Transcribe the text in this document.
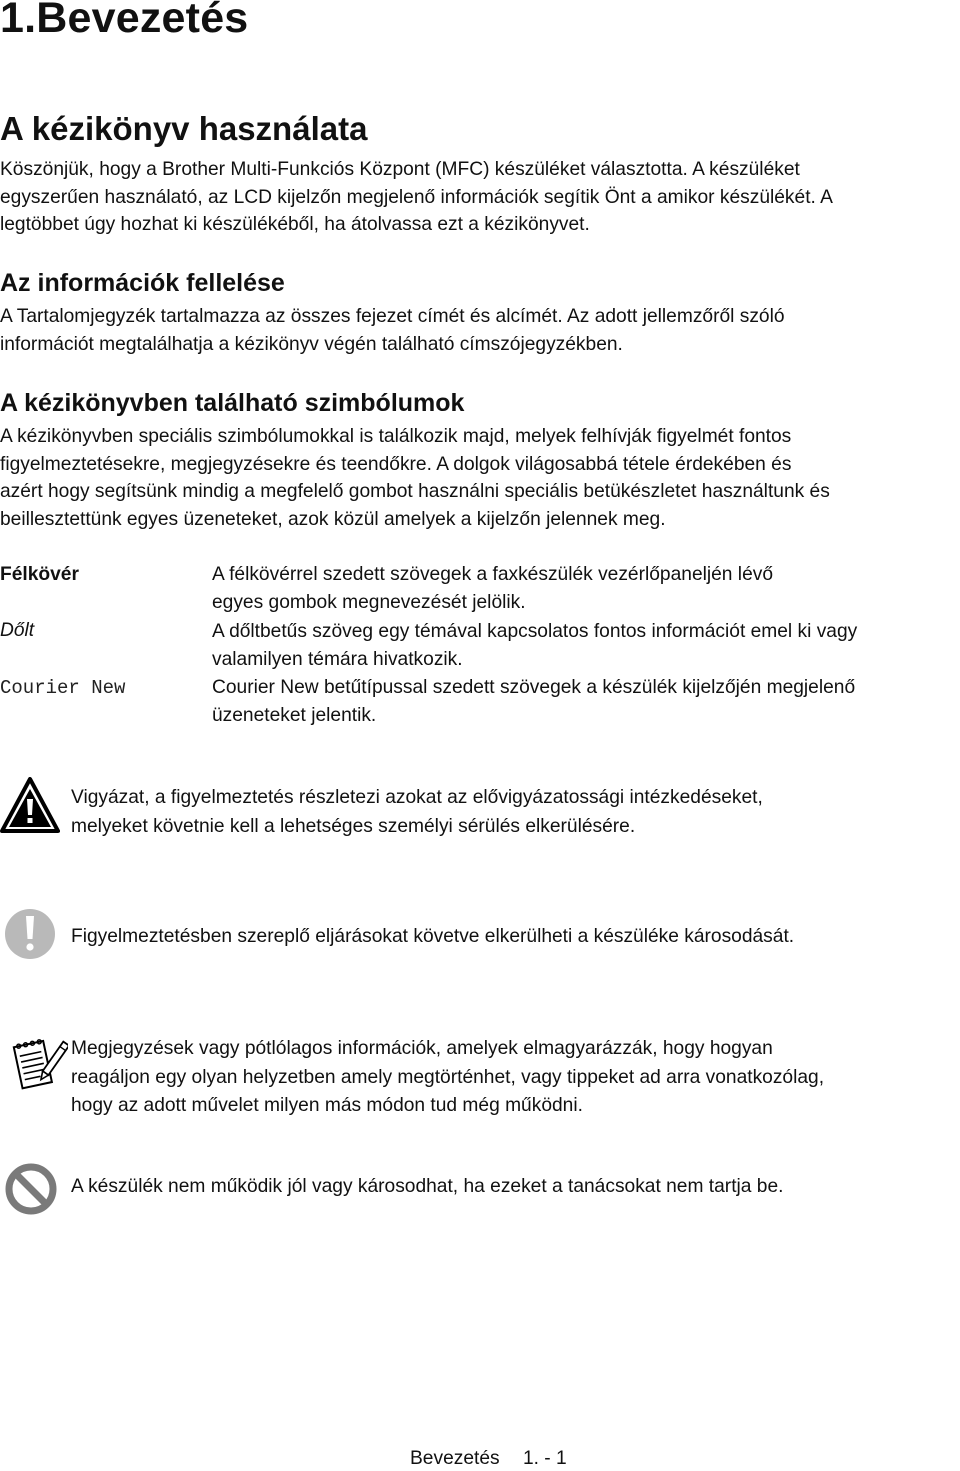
1.Bevezetés
A kézikönyv használata
Köszönjük, hogy a Brother Multi-Funkciós Központ (MFC) készüléket választotta. A készüléket
egyszerűen használató, az LCD kijelzőn megjelenő információk segítik Önt a amikor készülékét. A
legtöbbet úgy hozhat ki készülékéből, ha átolvassa ezt a kézikönyvet.
Az információk fellelése
A Tartalomjegyzék tartalmazza az összes fejezet címét és alcímét. Az adott jellemzőről szóló
információt megtalálhatja a kézikönyv végén található címszójegyzékben.
A kézikönyvben található szimbólumok
A kézikönyvben speciális szimbólumokkal is találkozik majd, melyek felhívják figyelmét fontos
figyelmeztetésekre, megjegyzésekre és teendőkre. A dolgok világosabbá tétele érdekében és
azért hogy segítsünk mindig a megfelelő gombot használni speciális betükészletet használtunk és
beillesztettünk egyes üzeneteket, azok közül amelyek a kijelzőn jelennek meg.

Félkövér	A félkövérrel szedett szövegek a faxkészülék vezérlőpaneljén lévő
egyes gombok megnevezését jelölik.

Dőlt	A dőltbetűs szöveg egy témával kapcsolatos fontos információt emel ki vagy
valamilyen témára hivatkozik.

Courier New	Courier New betűtípussal szedett szövegek a készülék kijelzőjén megjelenő
üzeneteket jelentik.
Vigyázat, a figyelmeztetés részletezi azokat az elővigyázatossági intézkedéseket,
melyeket követnie kell a lehetséges személyi sérülés elkerülésére.
Figyelmeztetésben szereplő eljárásokat követve elkerülheti a készüléke károsodását.
Megjegyzések vagy pótlólagos információk, amelyek elmagyarázzák, hogy hogyan
reagáljon egy olyan helyzetben amely megtörténhet, vagy tippeket ad arra vonatkozólag,
hogy az adott művelet milyen más módon tud még működni.
A készülék nem működik jól vagy károsodhat, ha ezeket a tanácsokat nem tartja be.
Bevezetés 1. - 1
